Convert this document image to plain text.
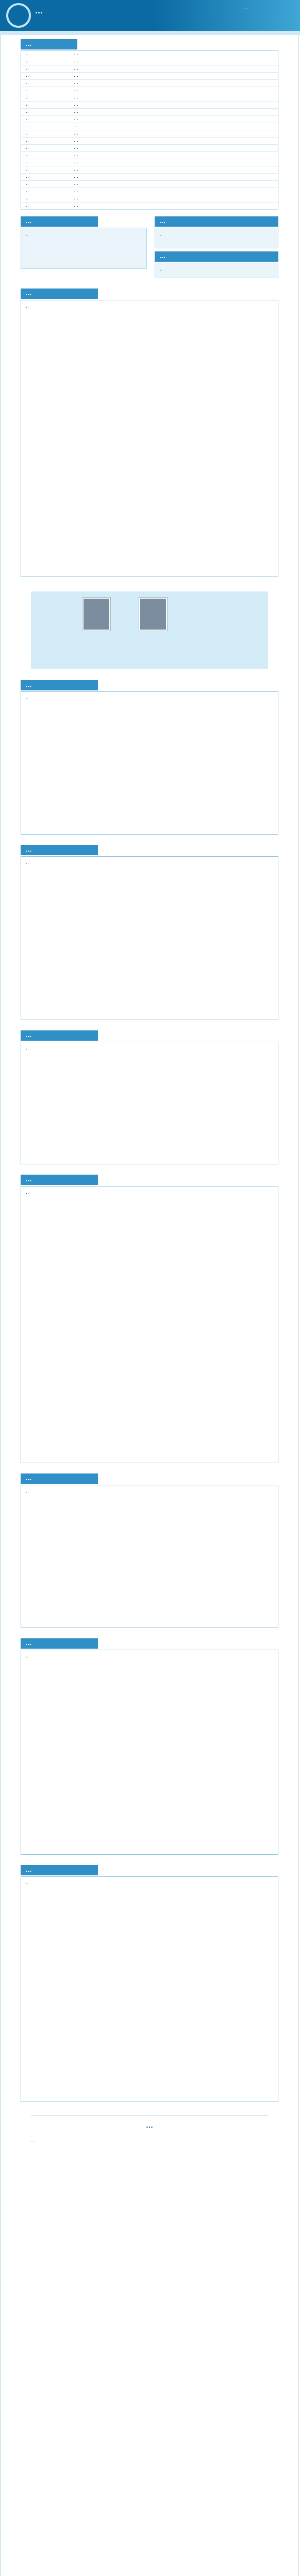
…	…
…
…	…
…	…
…	…
…	…
…	…
…	…
…	…
…	…
…	…
…	…
…	…
…	…
…	…
…	…
…	…
…	…
…	…
…	…
…	…
…	…
…	…
…	…
…
…
…
…
…
…
…
…
…
…
…
…
…
…
…
…
…
…
…
…
…
…
…
…
